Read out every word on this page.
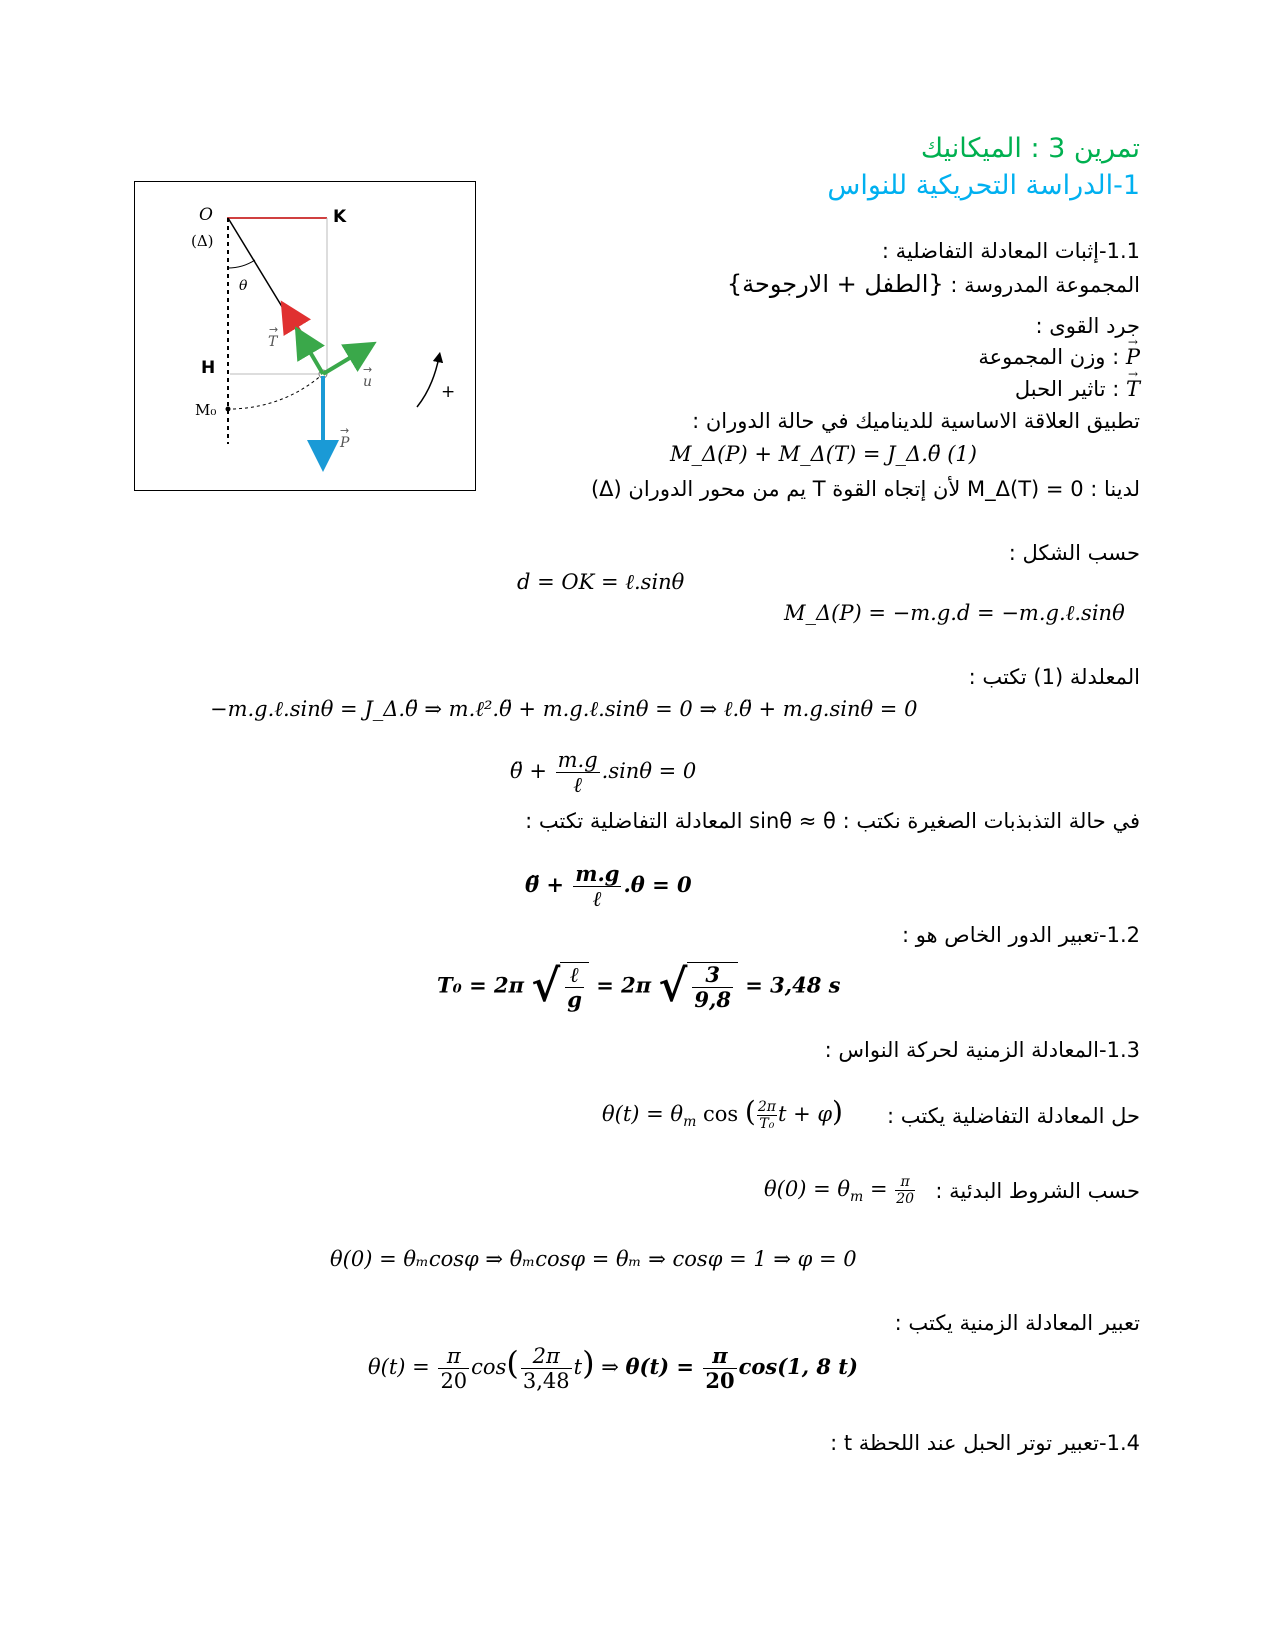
تمرين 3 : الميكانيك
1-الدراسة التحريكية للنواس
O	K
(Δ)
θ
H
M₀
T
→
u
→
P
→
+
1.1-إثبات المعادلة التفاضلية :
المجموعة المدروسة : {الطفل + الارجوحة}
جرد القوى :
→ P : وزن المجموعة
→ T : تاثير الحبل
تطبيق العلاقة الاساسية للديناميك في حالة الدوران :
M_Δ(P) + M_Δ(T) = J_Δ.θ̈ (1)
لدينا : M_Δ(T) = 0 لأن إتجاه القوة T يم من محور الدوران (Δ)
حسب الشكل :
d = OK = ℓ.sinθ
M_Δ(P) = −m.g.d = −m.g.ℓ.sinθ
المعلدلة (1) تكتب :
−m.g.ℓ.sinθ = J_Δ.θ̈ ⇒ m.ℓ².θ̈ + m.g.ℓ.sinθ = 0 ⇒ ℓ.θ̈ + m.g.sinθ = 0
θ̈ + $\frac{m.g}{\text{ℓ}} .\sin\theta = 0$
في حالة التذبذبات الصغيرة نكتب : sinθ ≈ θ المعادلة التفاضلية تكتب :
θ̈ + $\frac{m.g}{\text{ℓ}} .\theta = 0$
1.2-تعبير الدور الخاص هو :
T₀ = 2π √ $\frac{\text{ℓ}}{g} = 2\pi$ √ $\frac{3}{9,8} = 3,48$ s
1.3-المعادلة الزمنية لحركة النواس :
حل المعادلة التفاضلية يكتب :
$\theta(t) = \theta_m$ cos ( $\frac{2\pi}{\text{T₀}}$ t + φ)
حسب الشروط البدئية :
$\theta(0) = \theta_m = \frac{\pi}{20}$
θ(0) = θₘcosφ ⇒ θₘcosφ = θₘ ⇒ cosφ = 1 ⇒ φ = 0
تعبير المعادلة الزمنية يكتب :
$\theta(t) = \frac{\pi}{20} \cos( \frac{2\pi}{3,48} t)$ ⇒ $\theta(t) = \frac{\pi}{20} \cos(1$, 8 t)
1.4-تعبير توتر الحبل عند اللحظة t :
